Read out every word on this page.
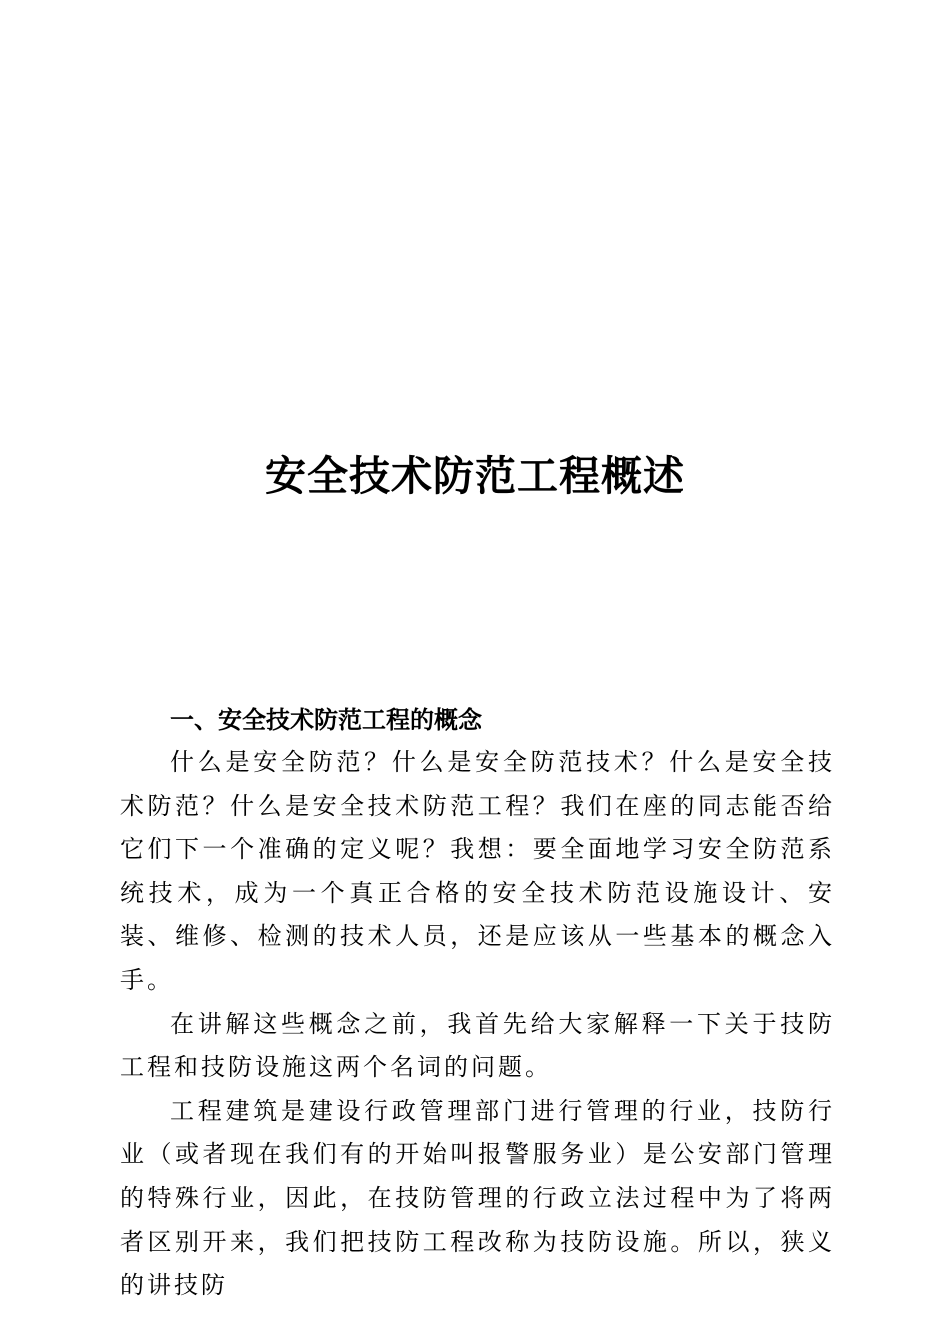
安全技术防范工程概述
一、安全技术防范工程的概念

什么是安全防范？什么是安全防范技术？什么是安全技术防范？什么是安全技术防范工程？我们在座的同志能否给它们下一个准确的定义呢？我想：要全面地学习安全防范系统技术，成为一个真正合格的安全技术防范设施设计、安装、维修、检测的技术人员，还是应该从一些基本的概念入手。

在讲解这些概念之前，我首先给大家解释一下关于技防工程和技防设施这两个名词的问题。

工程建筑是建设行政管理部门进行管理的行业，技防行业（或者现在我们有的开始叫报警服务业）是公安部门管理的特殊行业，因此，在技防管理的行政立法过程中为了将两者区别开来，我们把技防工程改称为技防设施。所以，狭义的讲技防
